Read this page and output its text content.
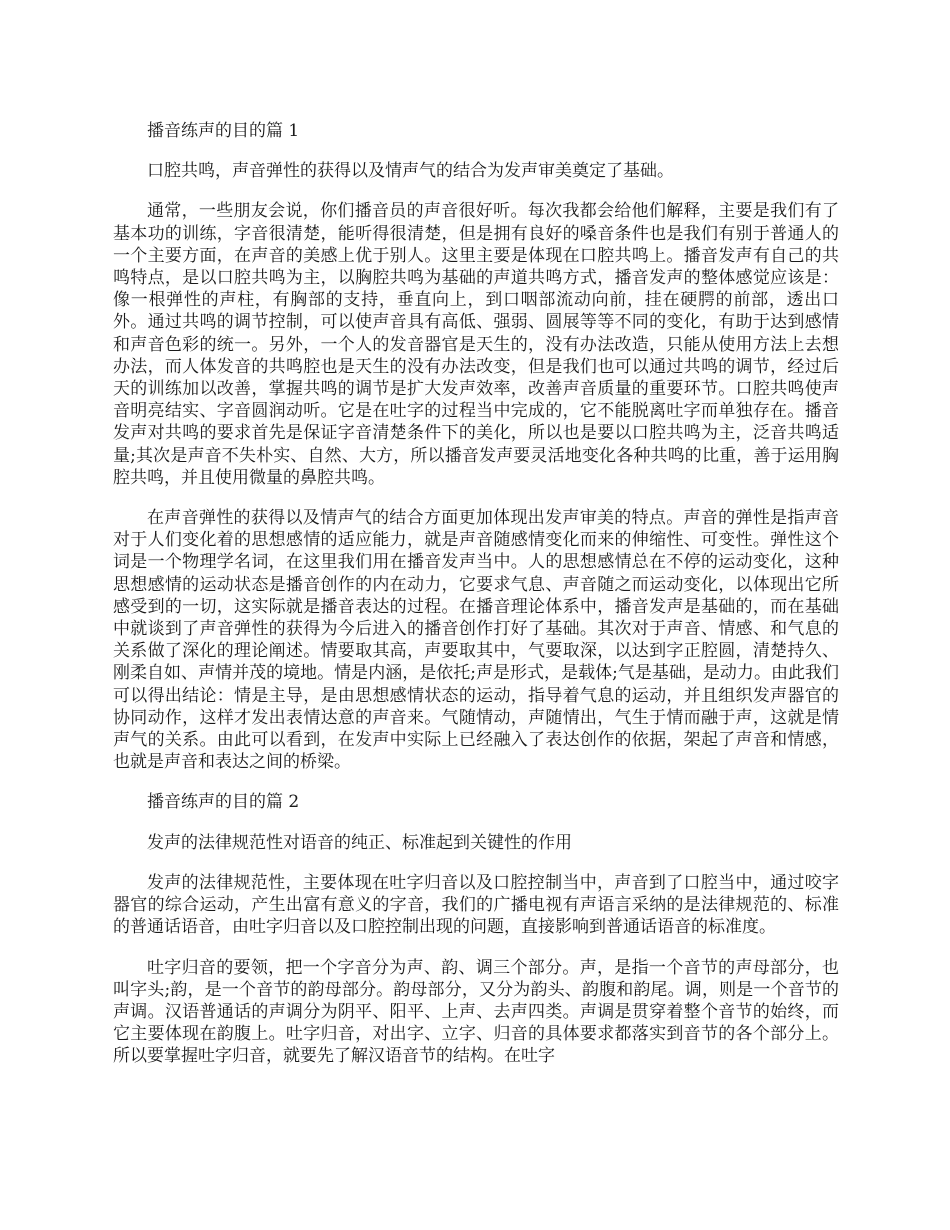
播音练声的目的篇 1

口腔共鸣，声音弹性的获得以及情声气的结合为发声审美奠定了基础。

通常，一些朋友会说，你们播音员的声音很好听。每次我都会给他们解释，主要是我们有了基本功的训练，字音很清楚，能听得很清楚，但是拥有良好的嗓音条件也是我们有别于普通人的一个主要方面，在声音的美感上优于别人。这里主要是体现在口腔共鸣上。播音发声有自己的共鸣特点，是以口腔共鸣为主，以胸腔共鸣为基础的声道共鸣方式，播音发声的整体感觉应该是：像一根弹性的声柱，有胸部的支持，垂直向上，到口咽部流动向前，挂在硬腭的前部，透出口外。通过共鸣的调节控制，可以使声音具有高低、强弱、圆展等等不同的变化，有助于达到感情和声音色彩的统一。另外，一个人的发音器官是天生的，没有办法改造，只能从使用方法上去想办法，而人体发音的共鸣腔也是天生的没有办法改变，但是我们也可以通过共鸣的调节，经过后天的训练加以改善，掌握共鸣的调节是扩大发声效率，改善声音质量的重要环节。口腔共鸣使声音明亮结实、字音圆润动听。它是在吐字的过程当中完成的，它不能脱离吐字而单独存在。播音发声对共鸣的要求首先是保证字音清楚条件下的美化，所以也是要以口腔共鸣为主，泛音共鸣适量;其次是声音不失朴实、自然、大方，所以播音发声要灵活地变化各种共鸣的比重，善于运用胸腔共鸣，并且使用微量的鼻腔共鸣。

在声音弹性的获得以及情声气的结合方面更加体现出发声审美的特点。声音的弹性是指声音对于人们变化着的思想感情的适应能力，就是声音随感情变化而来的伸缩性、可变性。弹性这个词是一个物理学名词，在这里我们用在播音发声当中。人的思想感情总在不停的运动变化，这种思想感情的运动状态是播音创作的内在动力，它要求气息、声音随之而运动变化，以体现出它所感受到的一切，这实际就是播音表达的过程。在播音理论体系中，播音发声是基础的，而在基础中就谈到了声音弹性的获得为今后进入的播音创作打好了基础。其次对于声音、情感、和气息的关系做了深化的理论阐述。情要取其高，声要取其中，气要取深，以达到字正腔圆，清楚持久、刚柔自如、声情并茂的境地。情是内涵，是依托;声是形式，是载体;气是基础，是动力。由此我们可以得出结论：情是主导，是由思想感情状态的运动，指导着气息的运动，并且组织发声器官的协同动作，这样才发出表情达意的声音来。气随情动，声随情出，气生于情而融于声，这就是情声气的关系。由此可以看到，在发声中实际上已经融入了表达创作的依据，架起了声音和情感，也就是声音和表达之间的桥梁。

播音练声的目的篇 2

发声的法律规范性对语音的纯正、标准起到关键性的作用

发声的法律规范性，主要体现在吐字归音以及口腔控制当中，声音到了口腔当中，通过咬字器官的综合运动，产生出富有意义的字音，我们的广播电视有声语言采纳的是法律规范的、标准的普通话语音，由吐字归音以及口腔控制出现的问题，直接影响到普通话语音的标准度。

吐字归音的要领，把一个字音分为声、韵、调三个部分。声，是指一个音节的声母部分，也叫字头;韵，是一个音节的韵母部分。韵母部分，又分为韵头、韵腹和韵尾。调，则是一个音节的声调。汉语普通话的声调分为阴平、阳平、上声、去声四类。声调是贯穿着整个音节的始终，而它主要体现在韵腹上。吐字归音，对出字、立字、归音的具体要求都落实到音节的各个部分上。所以要掌握吐字归音，就要先了解汉语音节的结构。在吐字
